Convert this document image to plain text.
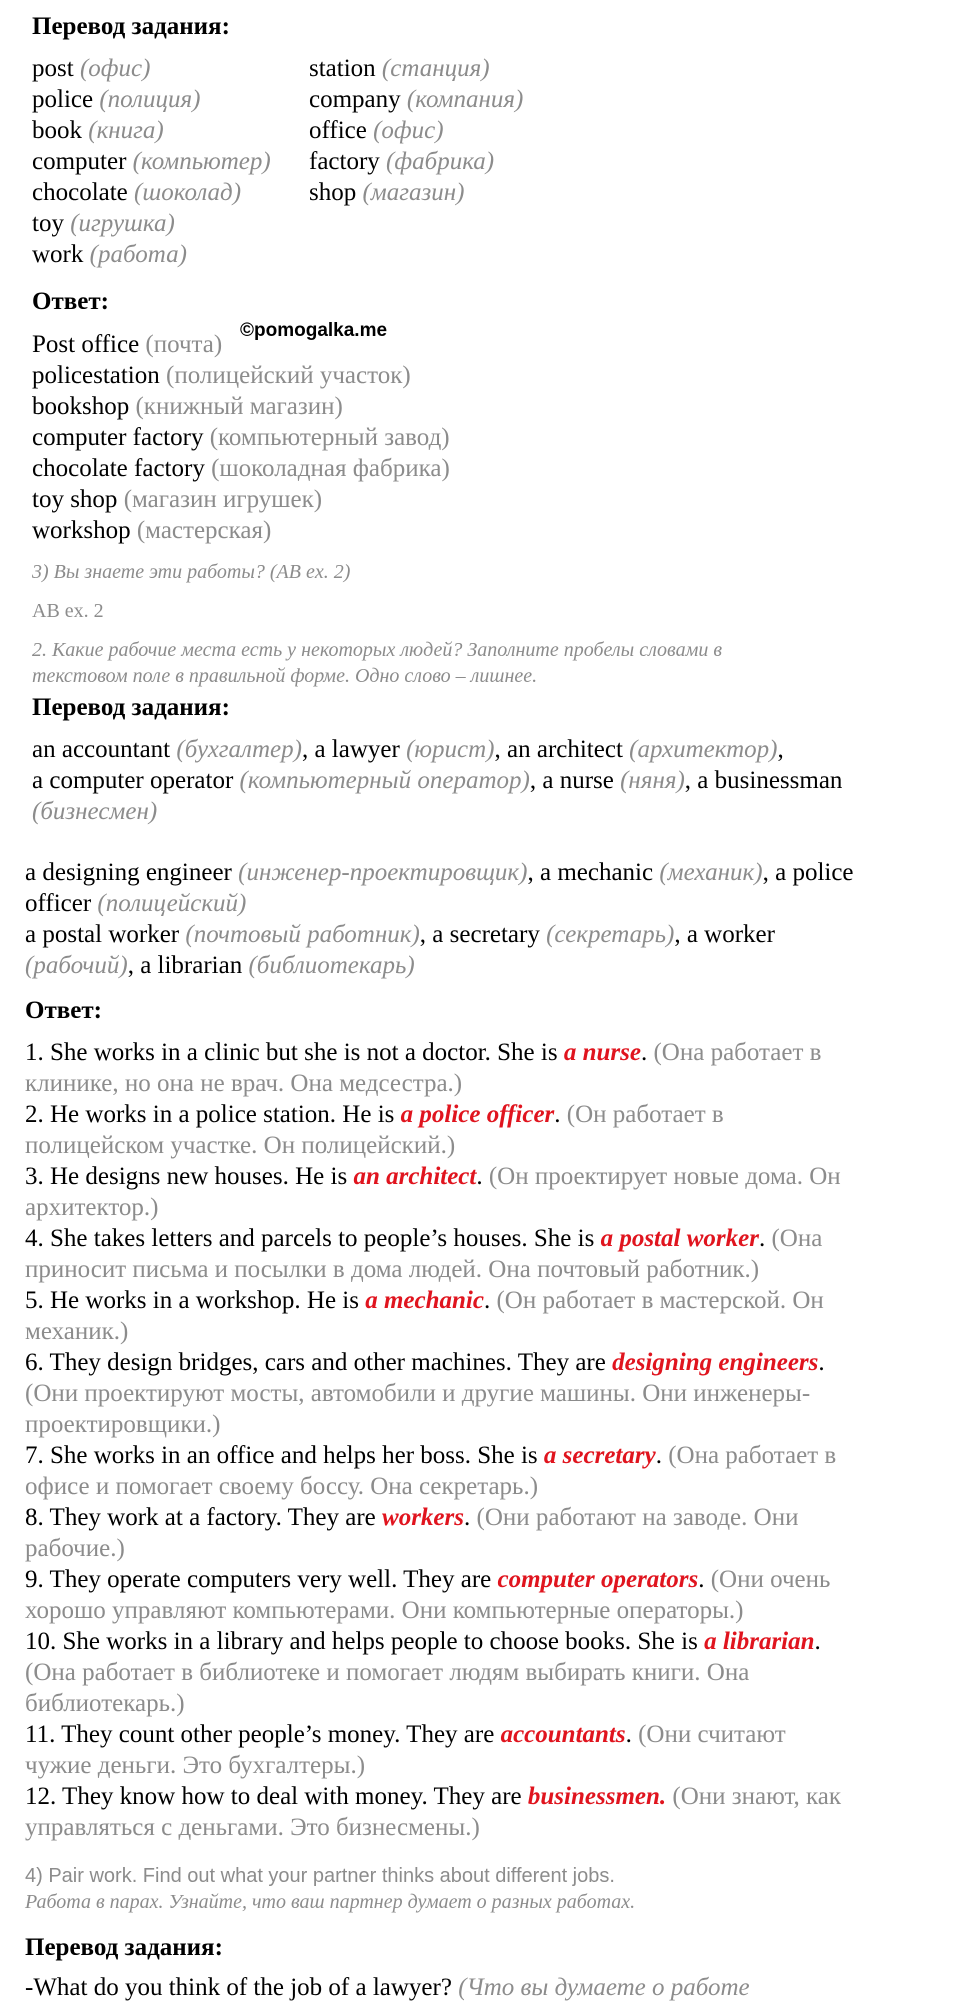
Перевод задания:
post (офис)
police (полиция)
book (книга)
computer (компьютер)
chocolate (шоколад)
toy (игрушка)
work (работа)
station (станция)
company (компания)
office (офис)
factory (фабрика)
shop (магазин)
Ответ:
©pomogalka.me
Post office (почта)
policestation (полицейский участок)
bookshop (книжный магазин)
computer factory (компьютерный завод)
chocolate factory (шоколадная фабрика)
toy shop (магазин игрушек)
workshop (мастерская)
3) Вы знаете эти работы? (AB ex. 2)
AB ex. 2
2. Какие рабочие места есть у некоторых людей? Заполните пробелы словами в
текстовом поле в правильной форме. Одно слово – лишнее.
Перевод задания:
an accountant (бухгалтер), a lawyer (юрист), an architect (архитектор),
a computer operator (компьютерный оператор), a nurse (няня), a businessman
(бизнесмен)
a designing engineer (инженер-проектировщик), a mechanic (механик), a police
officer (полицейский)
a postal worker (почтовый работник), a secretary (секретарь), a worker
(рабочий), a librarian (библиотекарь)
Ответ:
1. She works in a clinic but she is not a doctor. She is a nurse. (Она работает в
клинике, но она не врач. Она медсестра.)
2. He works in a police station. He is a police officer. (Он работает в
полицейском участке. Он полицейский.)
3. He designs new houses. He is an architect. (Он проектирует новые дома. Он
архитектор.)
4. She takes letters and parcels to people’s houses. She is a postal worker. (Она
приносит письма и посылки в дома людей. Она почтовый работник.)
5. He works in a workshop. He is a mechanic. (Он работает в мастерской. Он
механик.)
6. They design bridges, cars and other machines. They are designing engineers.
(Они проектируют мосты, автомобили и другие машины. Они инженеры-
проектировщики.)
7. She works in an office and helps her boss. She is a secretary. (Она работает в
офисе и помогает своему боссу. Она секретарь.)
8. They work at a factory. They are workers. (Они работают на заводе. Они
рабочие.)
9. They operate computers very well. They are computer operators. (Они очень
хорошо управляют компьютерами. Они компьютерные операторы.)
10. She works in a library and helps people to choose books. She is a librarian.
(Она работает в библиотеке и помогает людям выбирать книги. Она
библиотекарь.)
11. They count other people’s money. They are accountants. (Они считают
чужие деньги. Это бухгалтеры.)
12. They know how to deal with money. They are businessmen. (Они знают, как
управляться с деньгами. Это бизнесмены.)
4) Pair work. Find out what your partner thinks about different jobs.
Работа в парах. Узнайте, что ваш партнер думает о разных работах.
Перевод задания:
-What do you think of the job of a lawyer? (Что вы думаете о работе
